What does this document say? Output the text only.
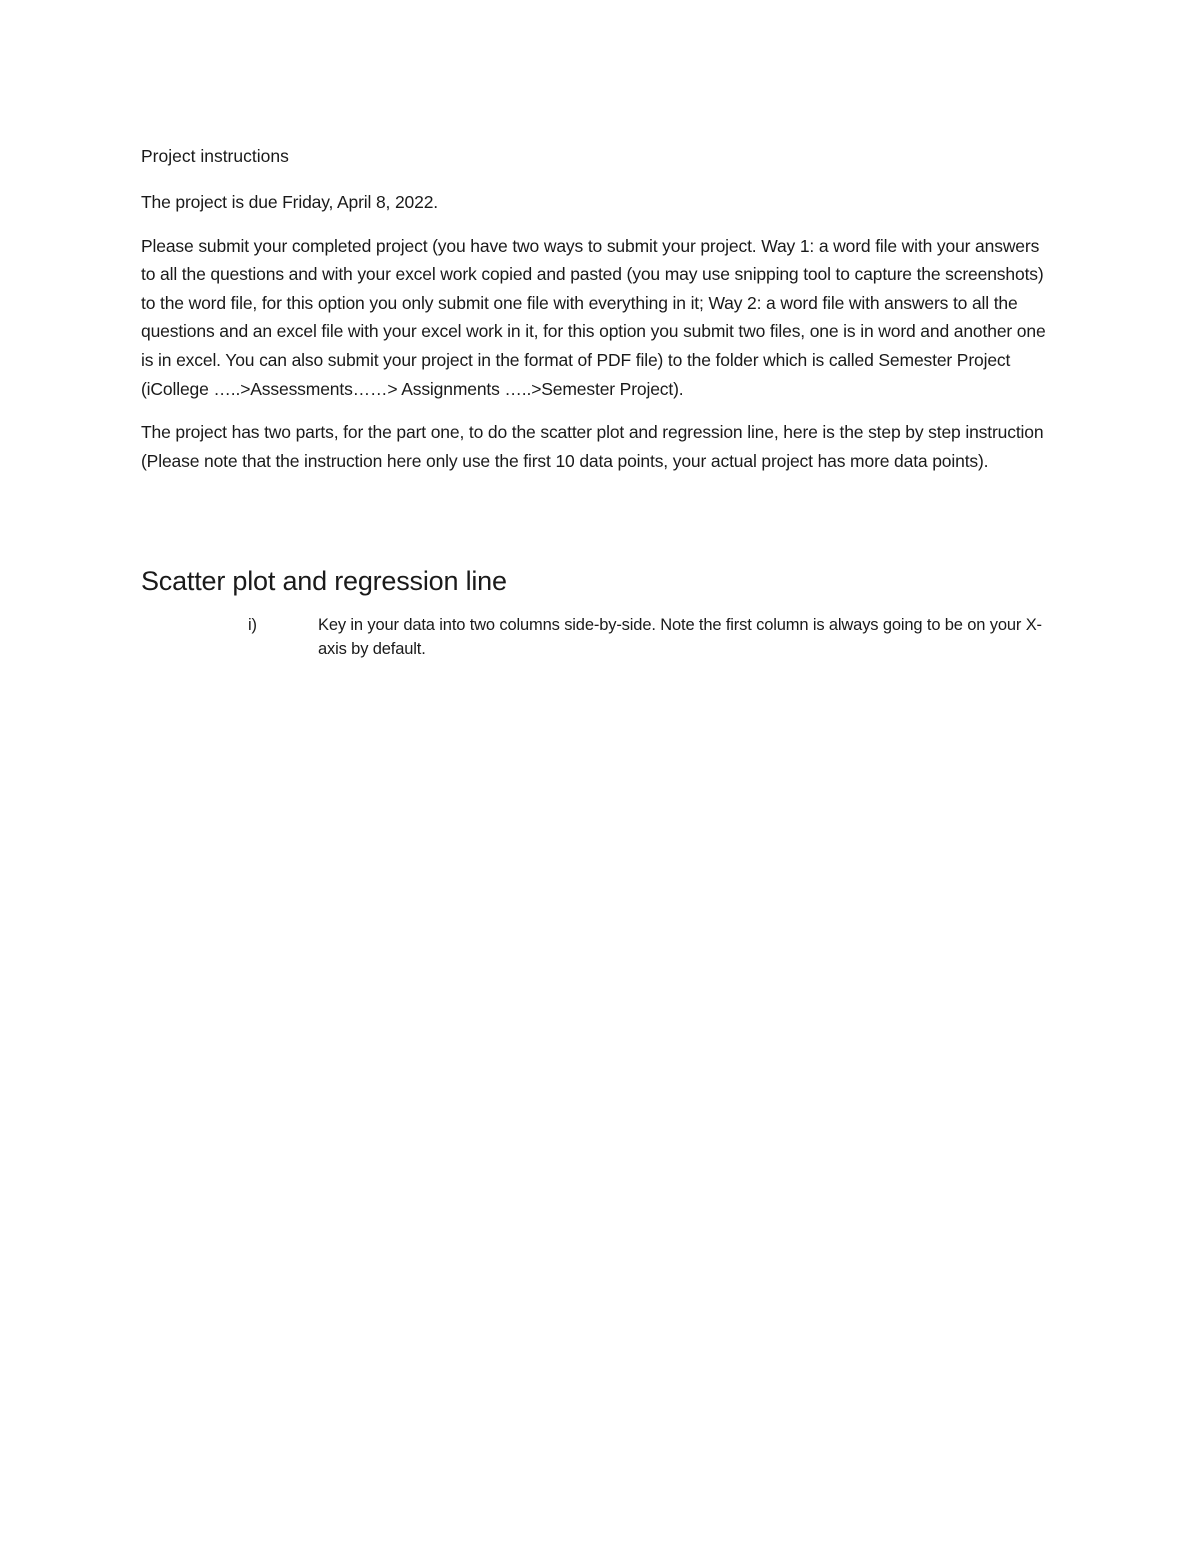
Project instructions

The project is due Friday, April 8, 2022.

Please submit your completed project (you have two ways to submit your project. Way 1: a word file with your answers to all the questions and with your excel work copied and pasted (you may use snipping tool to capture the screenshots) to the word file, for this option you only submit one file with everything in it; Way 2: a word file with answers to all the questions and an excel file with your excel work in it, for this option you submit two files, one is in word and another one is in excel. You can also submit your project in the format of PDF file) to the folder which is called Semester Project (iCollege …..>Assessments……> Assignments …..>Semester Project).

The project has two parts, for the part one, to do the scatter plot and regression line, here is the step by step instruction (Please note that the instruction here only use the first 10 data points, your actual project has more data points).

Scatter plot and regression line
i)	Key in your data into two columns side-by-side. Note the first column is always going to be on your X-axis by default.
